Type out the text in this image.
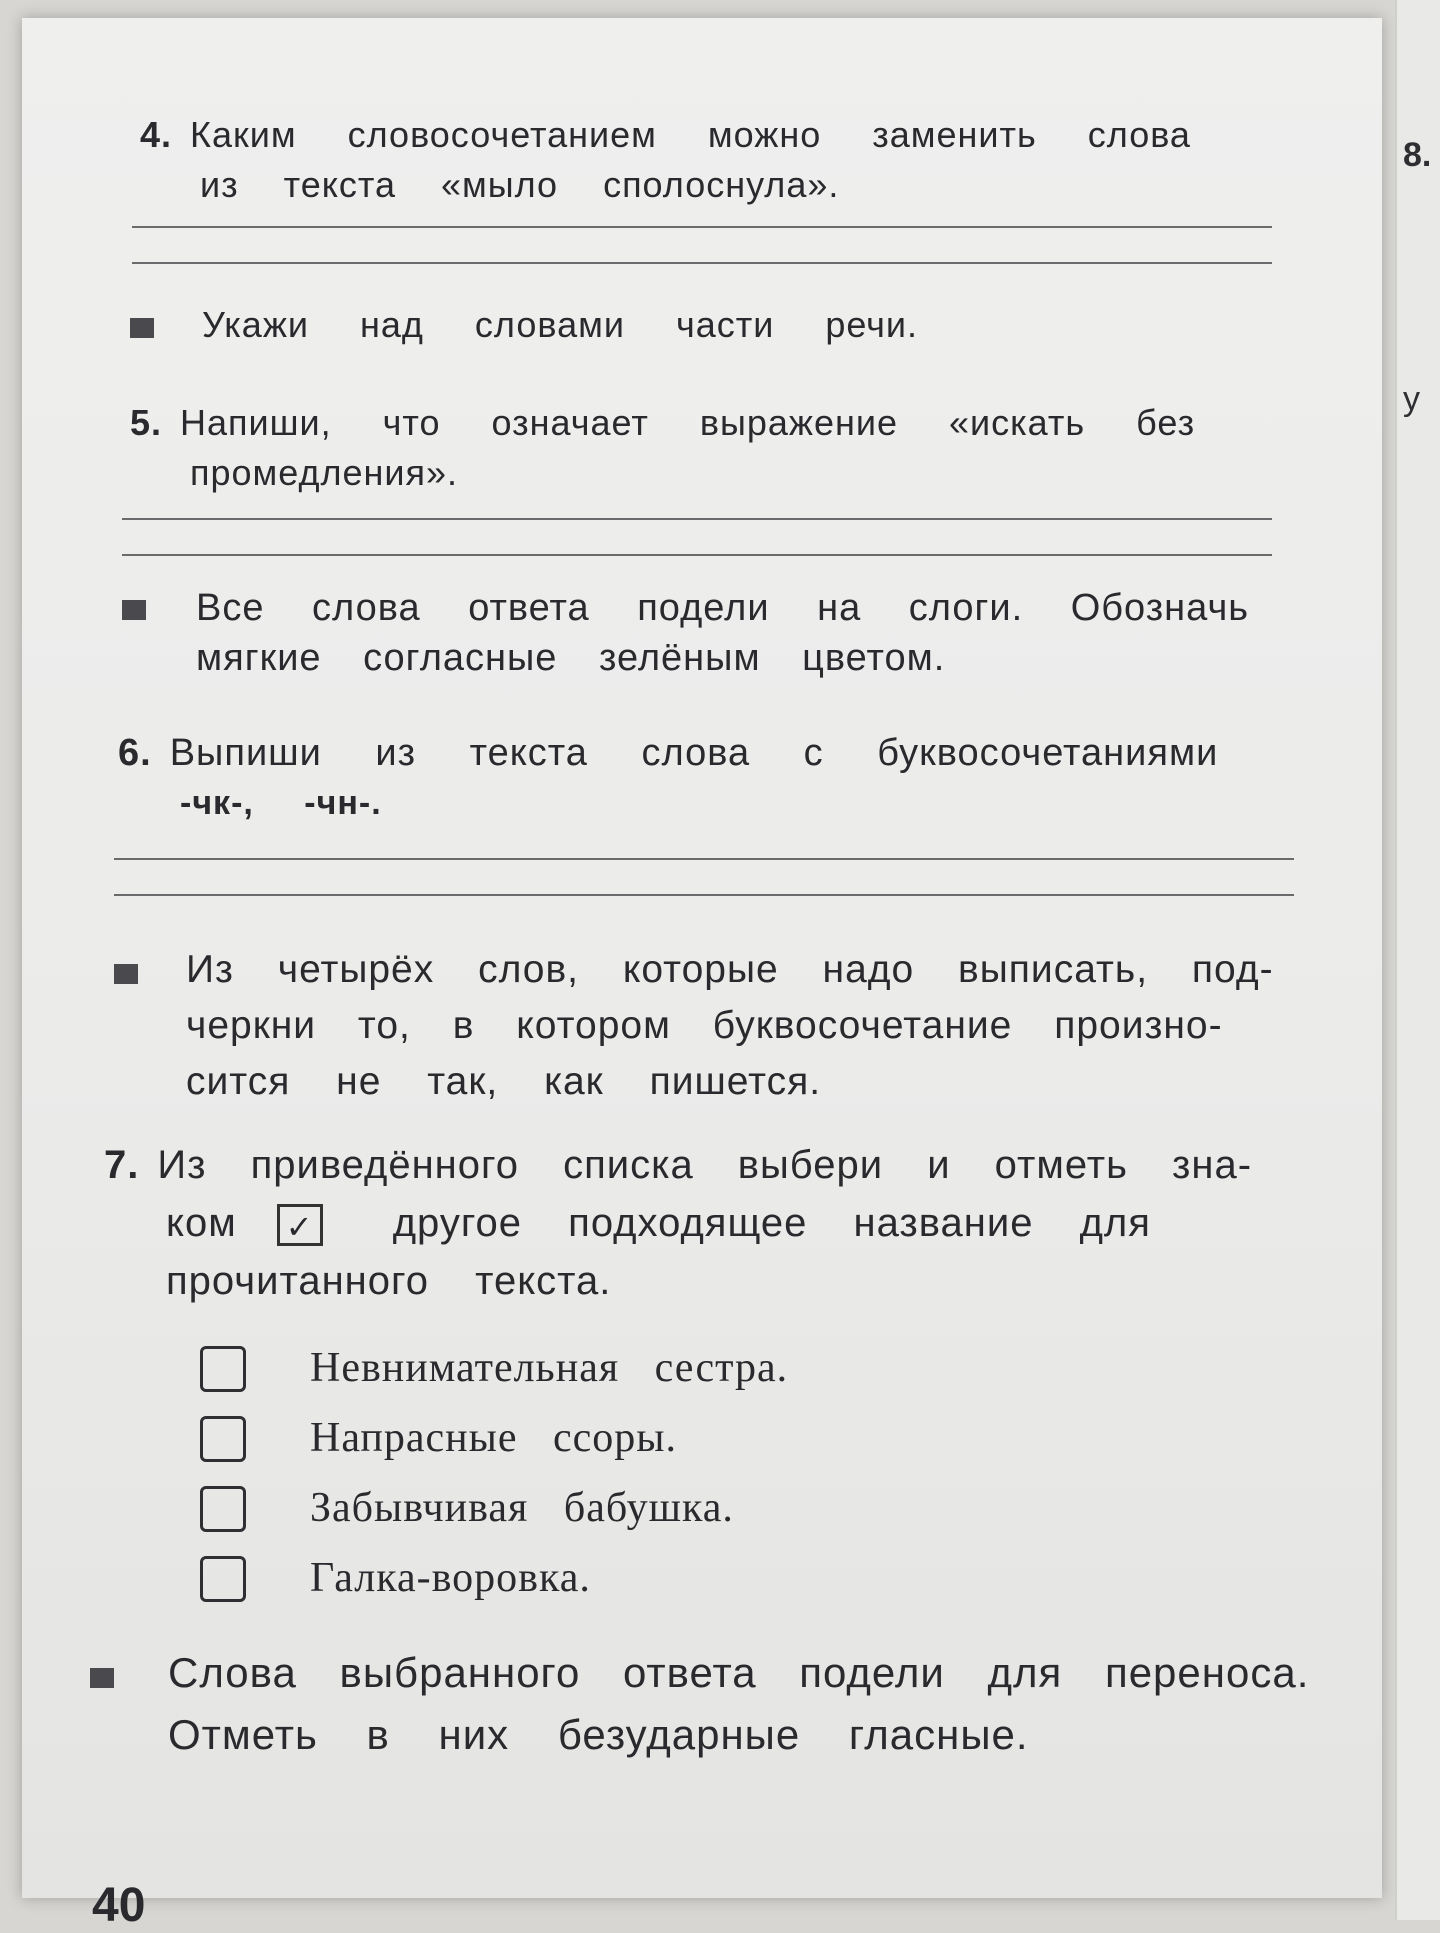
8.
у
4. Каким словосочетанием можно заменить слова
из текста «мыло сполоснула».
Укажи над словами части речи.
5. Напиши, что означает выражение «искать без
промедления».
Все слова ответа подели на слоги. Обозначь
мягкие согласные зелёным цветом.
6. Выпиши из текста слова с буквосочетаниями
-чк-, -чн-.
Из четырёх слов, которые надо выписать, под-
черкни то, в котором буквосочетание произно-
сится не так, как пишется.
7. Из приведённого списка выбери и отметь зна-
ком ✓ другое подходящее название для
прочитанного текста.
Невнимательная сестра.
Напрасные ссоры.
Забывчивая бабушка.
Галка-воровка.
Слова выбранного ответа подели для переноса.
Отметь в них безударные гласные.
40
